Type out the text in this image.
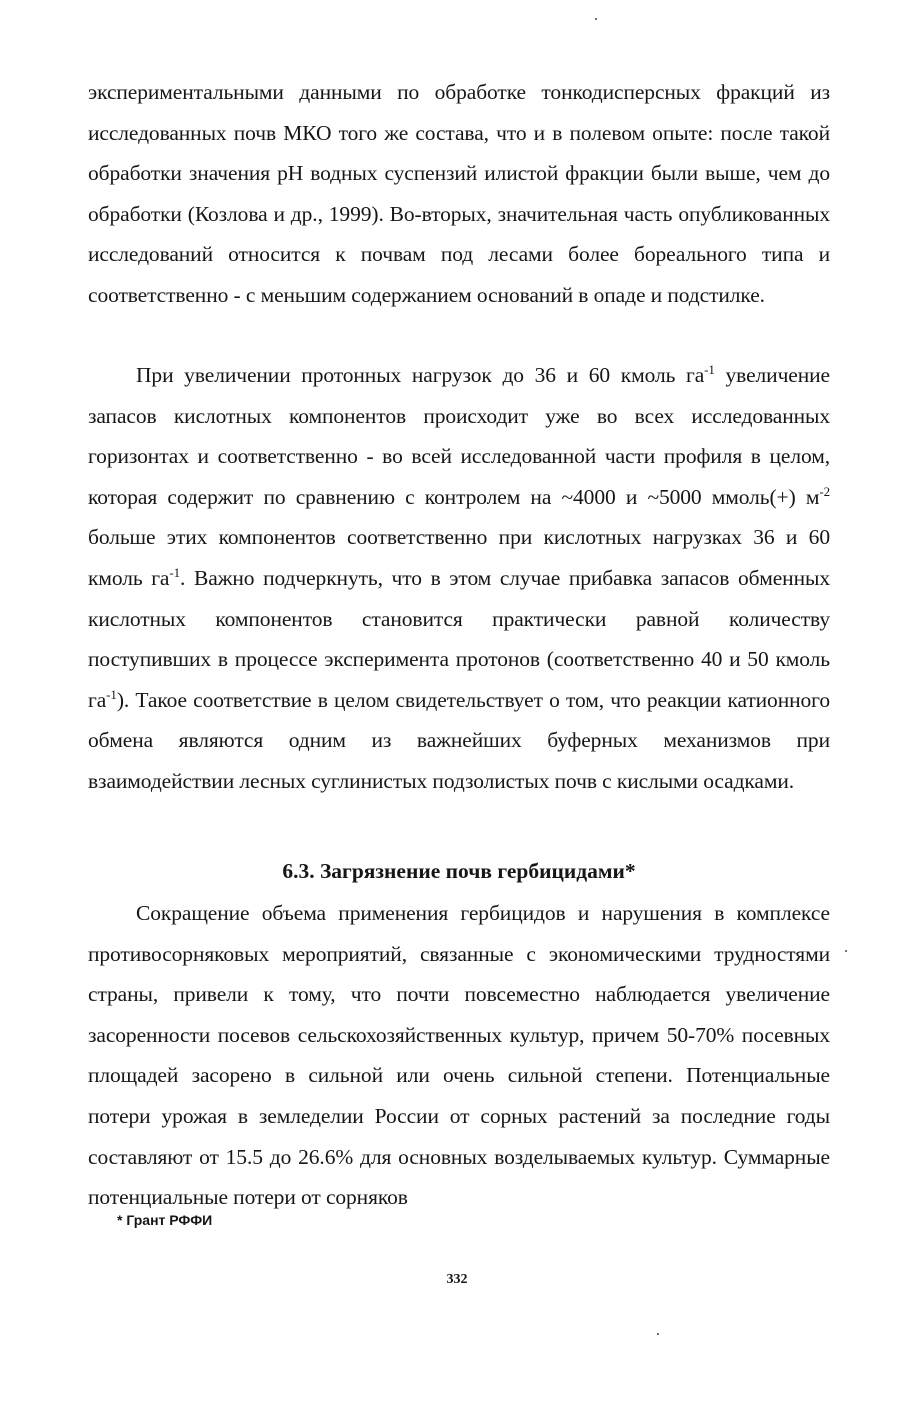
экспериментальными данными по обработке тонкодисперсных фракций из исследованных почв МКО того же состава, что и в полевом опыте: после такой обработки значения рН водных суспензий илистой фракции были выше, чем до обработки (Козлова и др., 1999). Во-вторых, значительная часть опубликованных исследований относится к почвам под лесами более бореального типа и соответственно - с меньшим содержанием оснований в опаде и подстилке.

При увеличении протонных нагрузок до 36 и 60 кмоль $га^{-1}$ увеличение запасов кислотных компонентов происходит уже во всех исследованных горизонтах и соответственно - во всей исследованной части профиля в целом, которая содержит по сравнению с контролем на ~4000 и ~5000 ммоль(+) $м^{-2}$ больше этих компонентов соответственно при кислотных нагрузках 36 и 60 кмоль $га^{-1}$. Важно подчеркнуть, что в этом случае прибавка запасов обменных кислотных компонентов становится практически равной количеству поступивших в процессе эксперимента протонов (соответственно 40 и 50 кмоль $га^{-1}$). Такое соответствие в целом свидетельствует о том, что реакции катионного обмена являются одним из важнейших буферных механизмов при взаимодействии лесных суглинистых подзолистых почв с кислыми осадками.

6.3. Загрязнение почв гербицидами*

Сокращение объема применения гербицидов и нарушения в комплексе противосорняковых мероприятий, связанные с экономическими трудностями страны, привели к тому, что почти повсеместно наблюдается увеличение засоренности посевов сельскохозяйственных культур, причем 50-70% посевных площадей засорено в сильной или очень сильной степени. Потенциальные потери урожая в земледелии России от сорных растений за последние годы составляют от 15.5 до 26.6% для основных возделываемых культур. Суммарные потенциальные потери от сорняков

* Грант РФФИ

332
